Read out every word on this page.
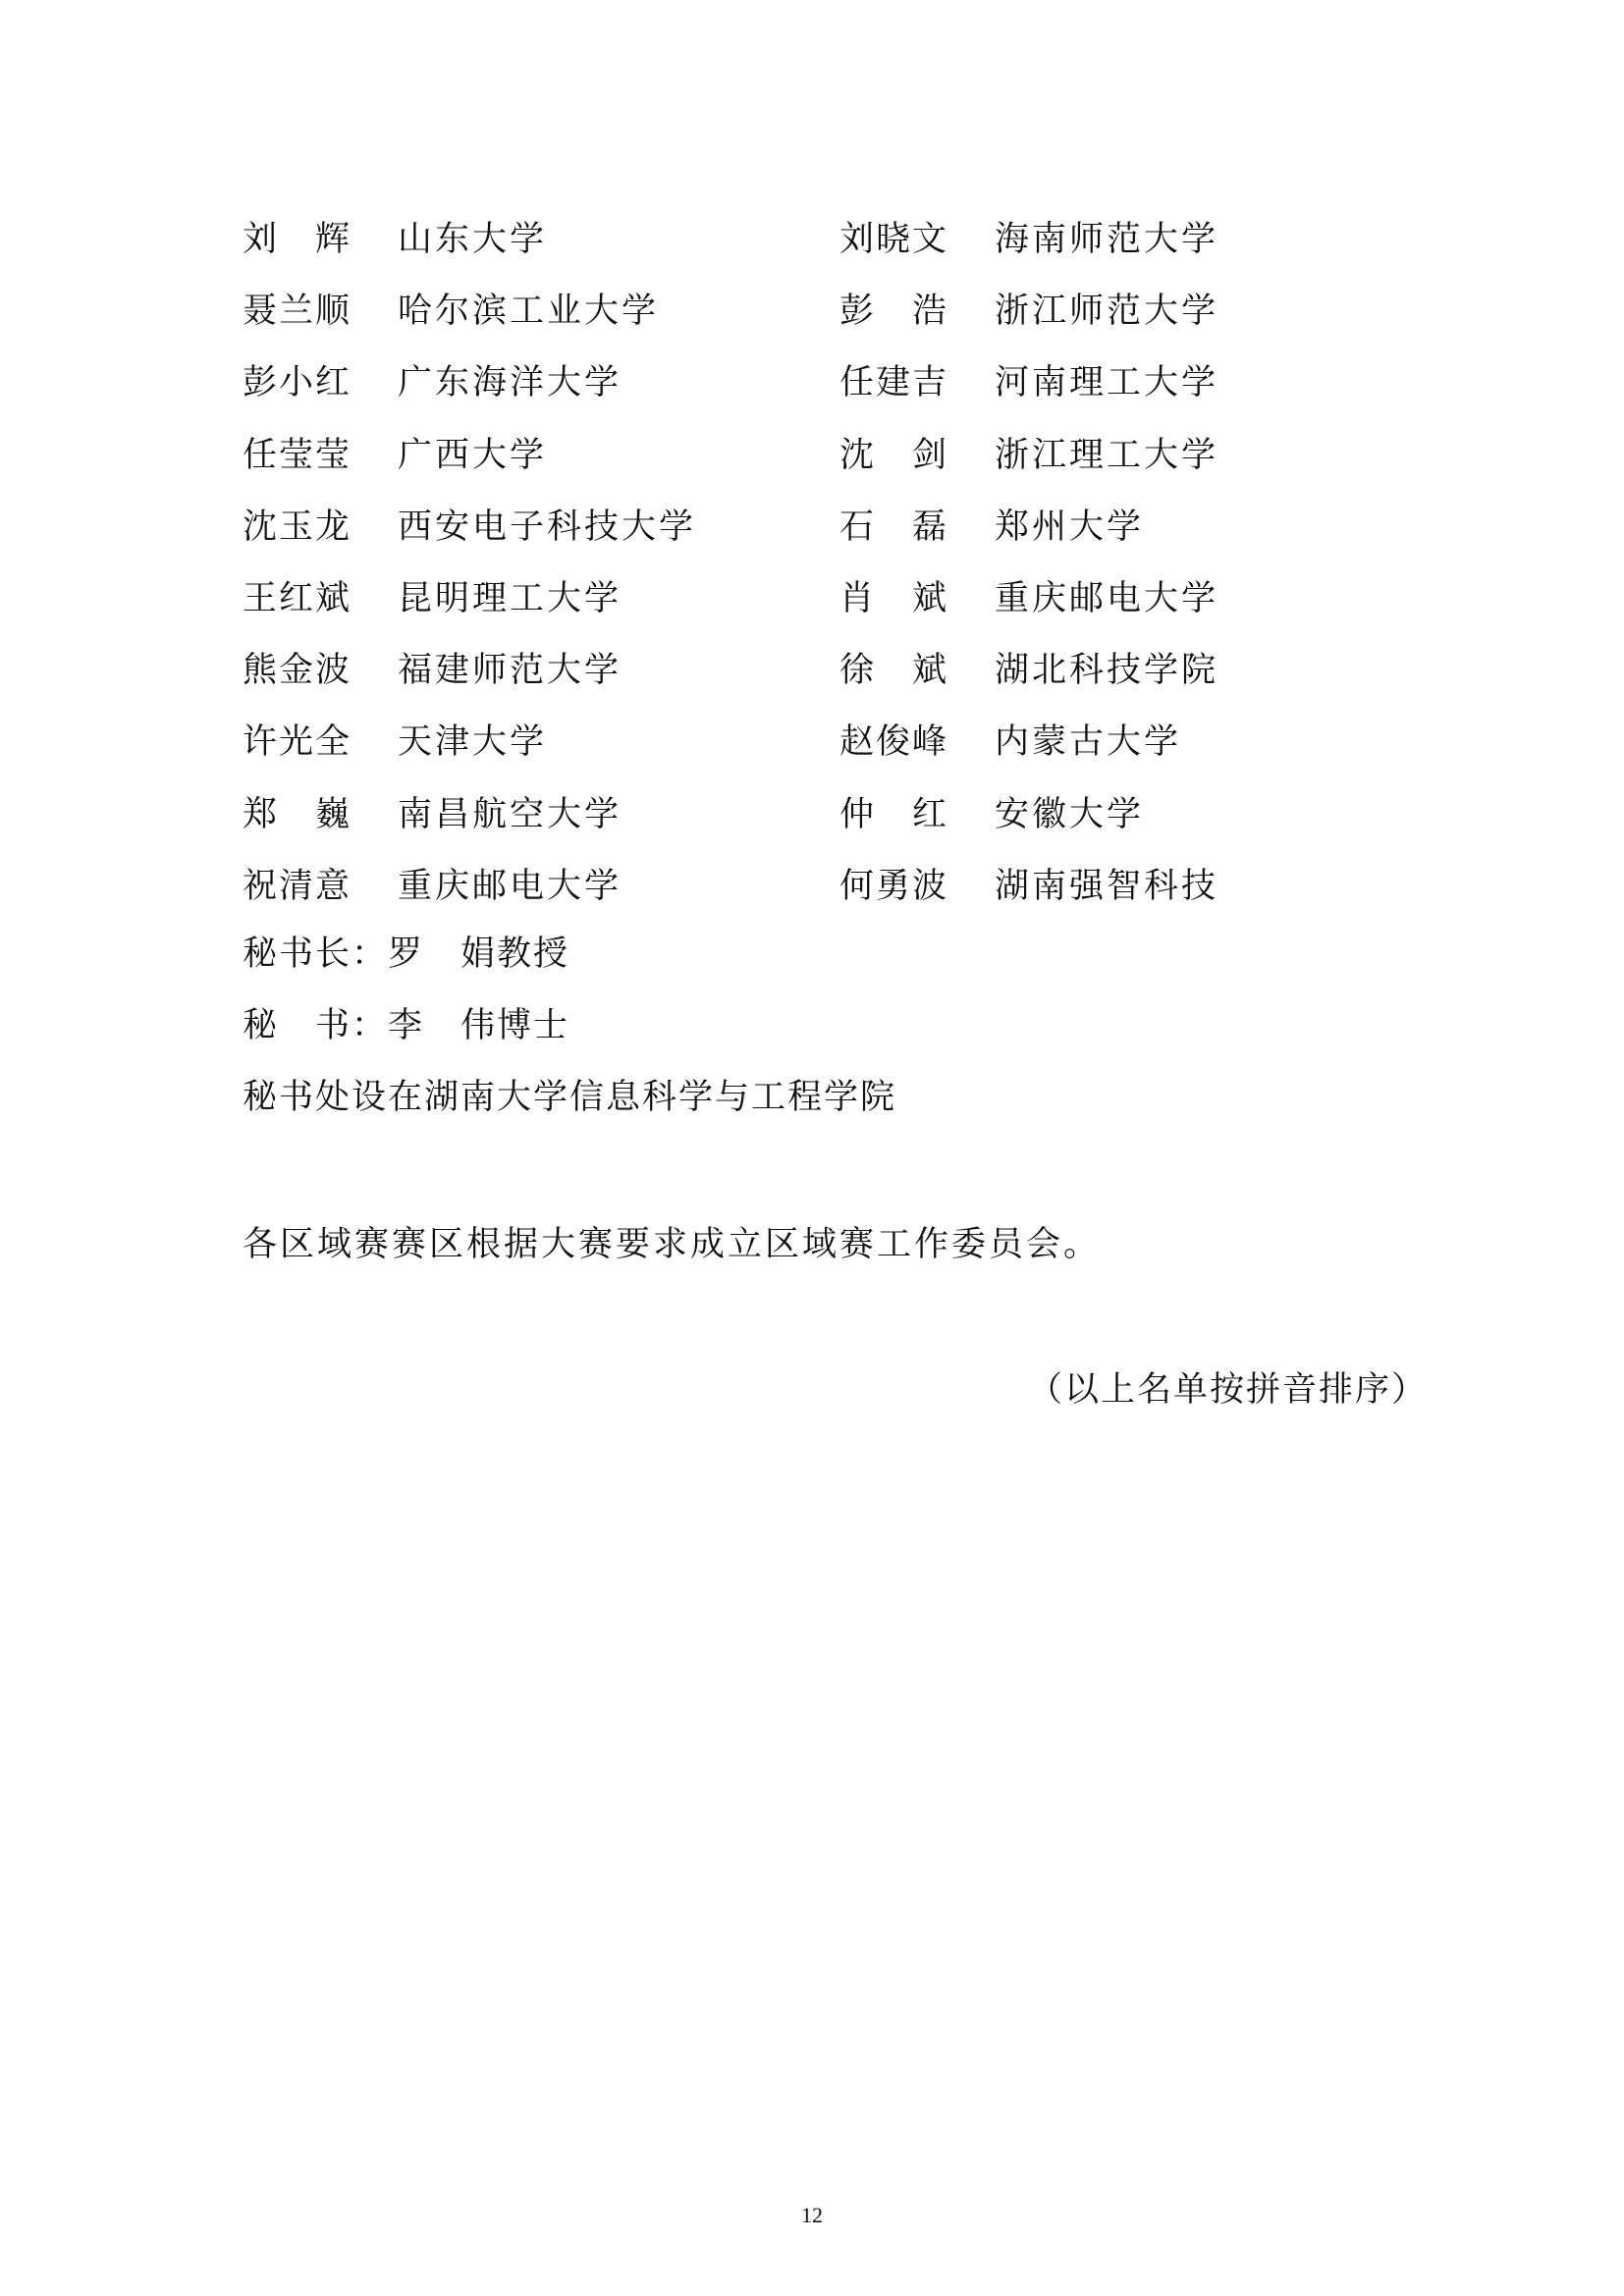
刘　辉	山东大学	刘晓文	海南师范大学
聂兰顺	哈尔滨工业大学	彭　浩	浙江师范大学
彭小红	广东海洋大学	任建吉	河南理工大学
任莹莹	广西大学	沈　剑	浙江理工大学
沈玉龙	西安电子科技大学	石　磊	郑州大学
王红斌	昆明理工大学	肖　斌	重庆邮电大学
熊金波	福建师范大学	徐　斌	湖北科技学院
许光全	天津大学	赵俊峰	内蒙古大学
郑　巍	南昌航空大学	仲　红	安徽大学
祝清意	重庆邮电大学	何勇波	湖南强智科技
秘书长：罗　娟教授
秘　书：李　伟博士
秘书处设在湖南大学信息科学与工程学院
各区域赛赛区根据大赛要求成立区域赛工作委员会。
（以上名单按拼音排序）
12
